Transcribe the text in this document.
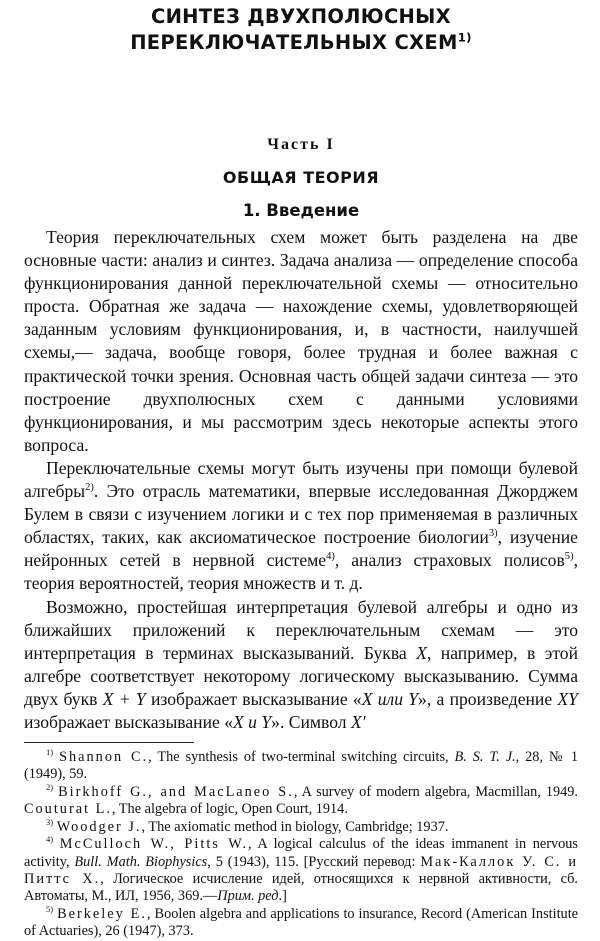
СИНТЕЗ ДВУХПОЛЮСНЫХ
ПЕРЕКЛЮЧАТЕЛЬНЫХ СХЕМ$^{1)}$
Часть I
ОБЩАЯ ТЕОРИЯ
1. Введение

Теория переключательных схем может быть разделена на две основные части: анализ и синтез. Задача анализа — определение способа функционирования данной переключательной схемы — относительно проста. Обратная же задача — нахождение схемы, удовлетворяющей заданным условиям функционирования, и, в частности, наилучшей схемы,— задача, вообще говоря, более трудная и более важная с практической точки зрения. Основная часть общей задачи синтеза — это построение двухполюсных схем с данными условиями функционирования, и мы рассмотрим здесь некоторые аспекты этого вопроса.

Переключательные схемы могут быть изучены при помощи булевой алгебры$^{2)}$. Это отрасль математики, впервые исследованная Джорджем Булем в связи с изучением логики и с тех пор применяемая в различных областях, таких, как аксиоматическое построение биологии$^{3)}$, изучение нейронных сетей в нервной системе$^{4)}$, анализ страховых полисов$^{5)}$, теория вероятностей, теория множеств и т. д.

Возможно, простейшая интерпретация булевой алгебры и одно из ближайших приложений к переключательным схемам — это интерпретация в терминах высказываний. Буква X, например, в этой алгебре соответствует некоторому логическому высказыванию. Сумма двух букв X + Y изображает высказывание «X или Y», а произведение XY изображает высказывание «X и Y». Символ X′

$^{1)}$ Shannon C., The synthesis of two-terminal switching circuits, B. S. T. J., 28, № 1 (1949), 59.

$^{2)}$ Birkhoff G., and MacLaneo S., A survey of modern algebra, Macmillan, 1949. Couturat L., The algebra of logic, Open Court, 1914.

$^{3)}$ Woodger J., The axiomatic method in biology, Cambridge; 1937.

$^{4)}$ McCulloch W., Pitts W., A logical calculus of the ideas immanent in nervous activity, Bull. Math. Biophysics, 5 (1943), 115. [Русский перевод: Мак-Каллок У. С. и Питтс Х., Логическое исчисление идей, относящихся к нервной активности, сб. Автоматы, М., ИЛ, 1956, 369.—Прим. ред.]

$^{5)}$ Berkeley E., Boolen algebra and applications to insurance, Record (American Institute of Actuaries), 26 (1947), 373.
